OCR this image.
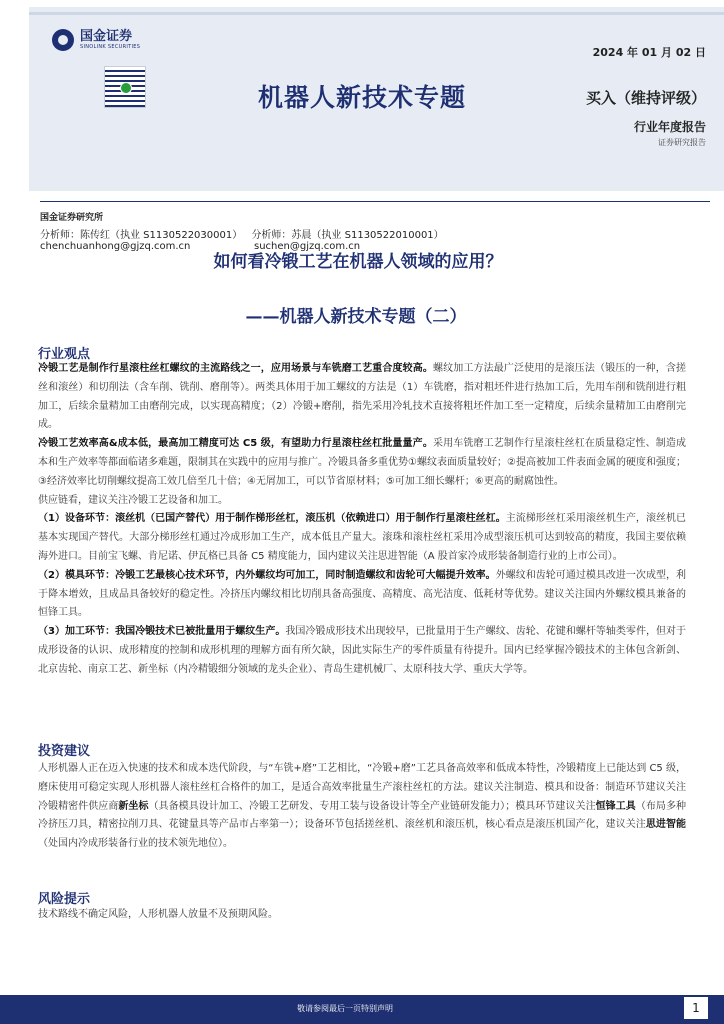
国金证券
SINOLINK SECURITIES	2024 年 01 月 02 日
机器人新技术专题	买入（维持评级）
行业年度报告
证券研究报告
国金证券研究所
分析师：陈传红（执业 S1130522030001） 分析师：苏晨（执业 S1130522010001）
chenchuanhong@gjzq.com.cn	suchen@gjzq.com.cn
如何看冷锻工艺在机器人领域的应用？
——机器人新技术专题（二）
行业观点

冷锻工艺是制作行星滚柱丝杠螺纹的主流路线之一，应用场景与车铣磨工艺重合度较高。螺纹加工方法最广泛使用的是滚压法（锻压的一种，含搓丝和滚丝）和切削法（含车削、铣削、磨削等）。两类具体用于加工螺纹的方法是（1）车铣磨，指对粗坯件进行热加工后，先用车削和铣削进行粗加工，后续余量精加工由磨削完成，以实现高精度；（2）冷锻+磨削，指先采用冷轧技术直接将粗坯件加工至一定精度，后续余量精加工由磨削完成。

冷锻工艺效率高&成本低，最高加工精度可达 C5 级，有望助力行星滚柱丝杠批量量产。采用车铣磨工艺制作行星滚柱丝杠在质量稳定性、制造成本和生产效率等都面临诸多难题，限制其在实践中的应用与推广。冷锻具备多重优势①螺纹表面质量较好；②提高被加工件表面金属的硬度和强度；③经济效率比切削螺纹提高工效几倍至几十倍；④无屑加工，可以节省原材料；⑤可加工细长螺杆；⑥更高的耐腐蚀性。

供应链看，建议关注冷锻工艺设备和加工。

（1）设备环节：滚丝机（已国产替代）用于制作梯形丝杠，滚压机（依赖进口）用于制作行星滚柱丝杠。主流梯形丝杠采用滚丝机生产，滚丝机已基本实现国产替代。大部分梯形丝杠通过冷成形加工生产，成本低且产量大。滚珠和滚柱丝杠采用冷成型滚压机可达到较高的精度，我国主要依赖海外进口。目前宝飞螺、肯尼诺、伊瓦格已具备 C5 精度能力，国内建议关注思进智能（A 股首家冷成形装备制造行业的上市公司）。

（2）模具环节：冷锻工艺最核心技术环节，内外螺纹均可加工，同时制造螺纹和齿轮可大幅提升效率。外螺纹和齿轮可通过模具改进一次成型，利于降本增效，且成品具备较好的稳定性。冷挤压内螺纹相比切削具备高强度、高精度、高光洁度、低耗材等优势。建议关注国内外螺纹模具兼备的恒锋工具。

（3）加工环节：我国冷锻技术已被批量用于螺纹生产。我国冷锻成形技术出现较早，已批量用于生产螺纹、齿轮、花键和螺杆等轴类零件，但对于成形设备的认识、成形精度的控制和成形机理的理解方面有所欠缺，因此实际生产的零件质量有待提升。国内已经掌握冷锻技术的主体包含新剑、北京齿轮、南京工艺、新坐标（内冷精锻细分领域的龙头企业）、青岛生建机械厂、太原科技大学、重庆大学等。

投资建议

人形机器人正在迈入快速的技术和成本迭代阶段，与“车铣+磨”工艺相比，“冷锻+磨”工艺具备高效率和低成本特性，冷锻精度上已能达到 C5 级，磨床使用可稳定实现人形机器人滚柱丝杠合格件的加工，是适合高效率批量生产滚柱丝杠的方法。建议关注制造、模具和设备：制造环节建议关注冷锻精密件供应商新坐标（具备模具设计加工、冷锻工艺研发、专用工装与设备设计等全产业链研发能力）；模具环节建议关注恒锋工具（布局多种冷挤压刀具，精密拉削刀具、花键量具等产品市占率第一）；设备环节包括搓丝机、滚丝机和滚压机，核心看点是滚压机国产化，建议关注思进智能（处国内冷成形装备行业的技术领先地位）。

风险提示

技术路线不确定风险，人形机器人放量不及预期风险。

敬请参阅最后一页特别声明	1
